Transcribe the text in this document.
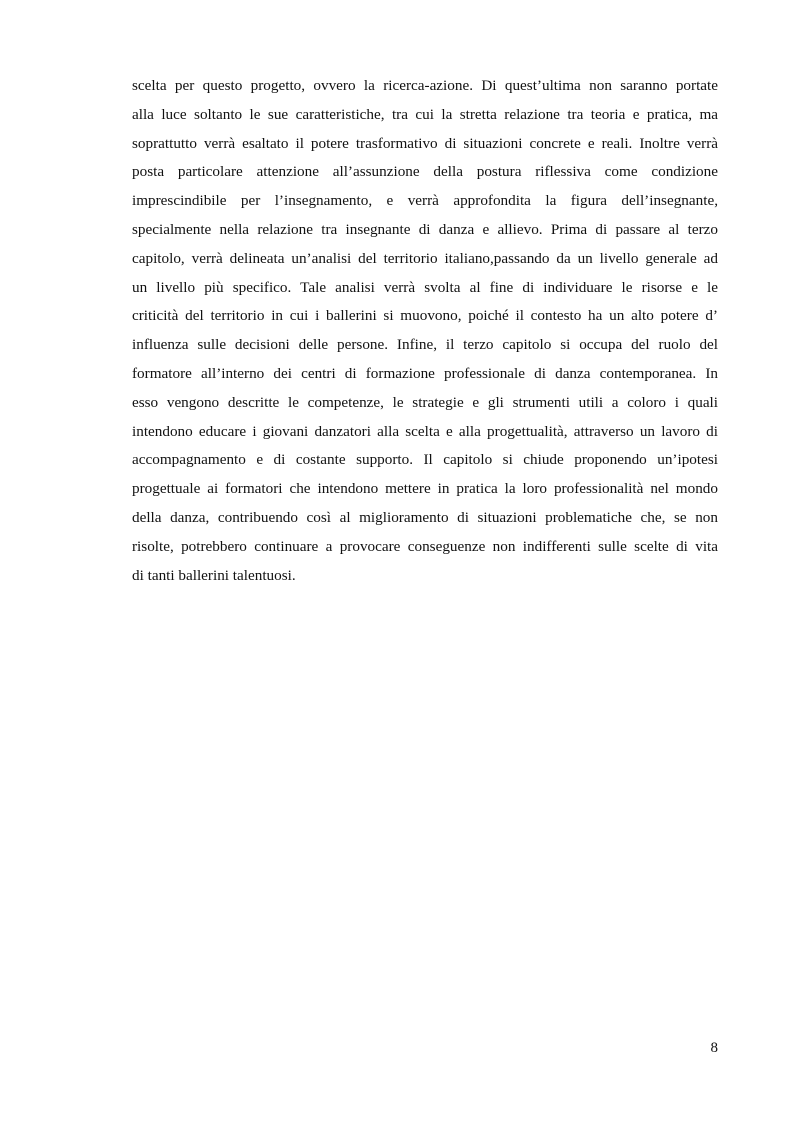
scelta per questo progetto, ovvero la ricerca-azione. Di quest’ultima non saranno portate
alla luce soltanto le sue caratteristiche, tra cui la stretta relazione tra teoria e pratica, ma
soprattutto verrà esaltato il potere trasformativo di situazioni concrete e reali. Inoltre verrà
posta particolare attenzione all’assunzione della postura riflessiva come condizione
imprescindibile per l’insegnamento, e verrà approfondita la figura dell’insegnante,
specialmente nella relazione tra insegnante di danza e allievo. Prima di passare al terzo
capitolo, verrà delineata un’analisi del territorio italiano,passando da un livello generale ad
un livello più specifico. Tale analisi verrà svolta al fine di individuare le risorse e le
criticità del territorio in cui i ballerini si muovono, poiché il contesto ha un alto potere d’
influenza sulle decisioni delle persone. Infine, il terzo capitolo si occupa del ruolo del
formatore all’interno dei centri di formazione professionale di danza contemporanea. In
esso vengono descritte le competenze, le strategie e gli strumenti utili a coloro i quali
intendono educare i giovani danzatori alla scelta e alla progettualità, attraverso un lavoro di
accompagnamento e di costante supporto. Il capitolo si chiude proponendo un’ipotesi
progettuale ai formatori che intendono mettere in pratica la loro professionalità nel mondo
della danza, contribuendo così al miglioramento di situazioni problematiche che, se non
risolte, potrebbero continuare a provocare conseguenze non indifferenti sulle scelte di vita
di tanti ballerini talentuosi.

8
